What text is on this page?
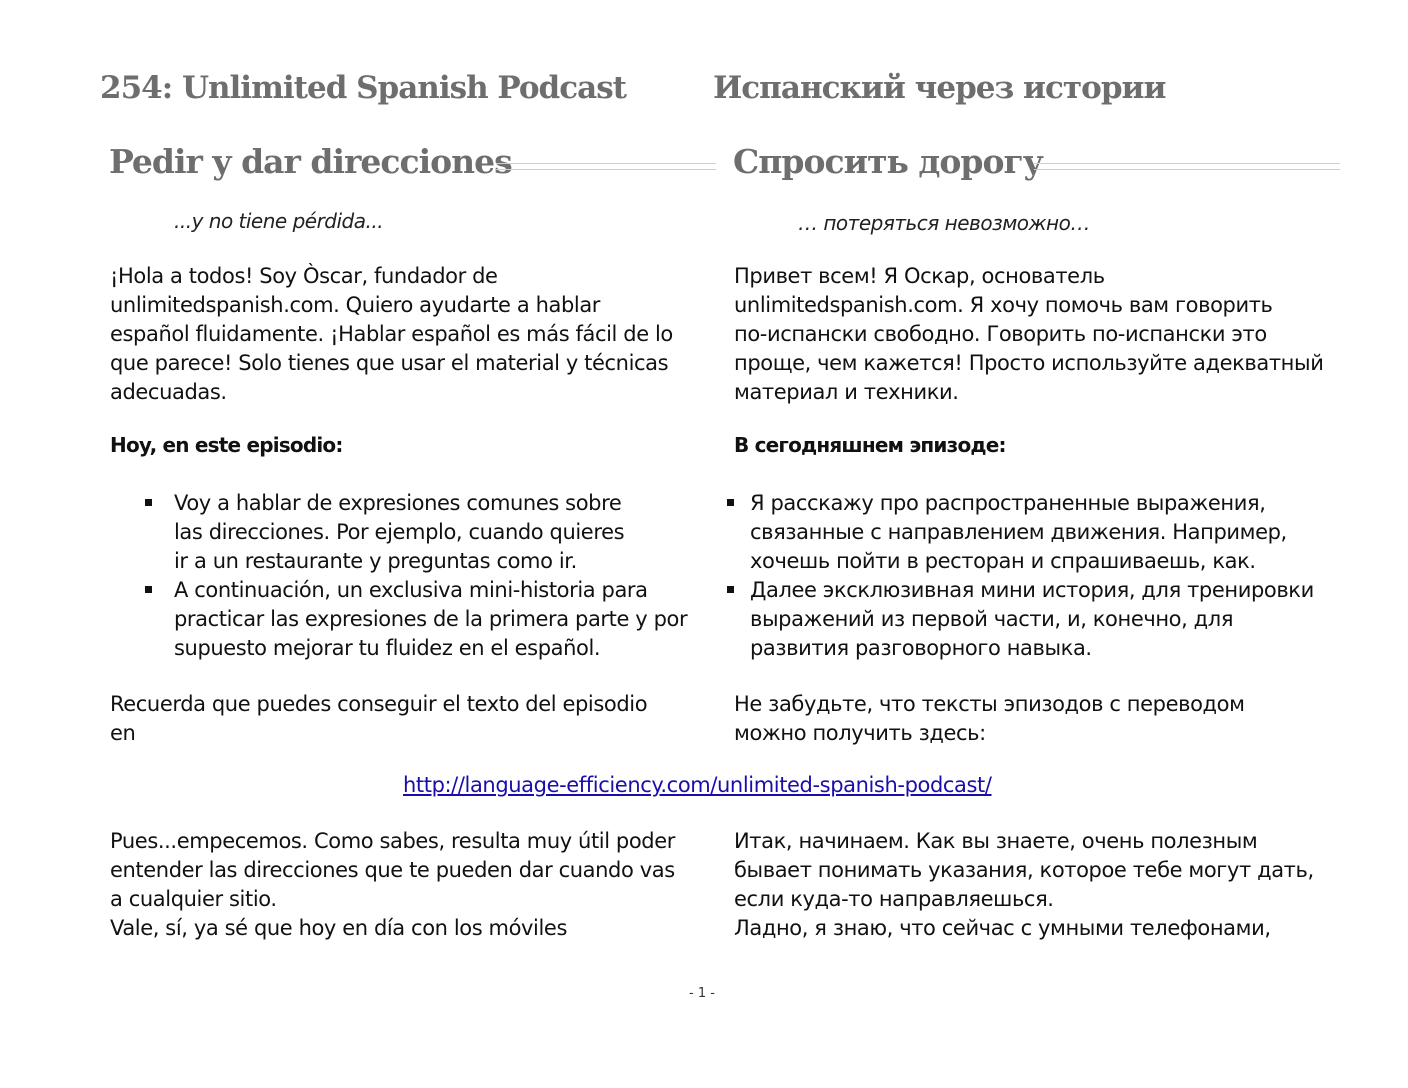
254: Unlimited Spanish Podcast	Испанский через истории
Pedir y dar direcciones	Спросить дорогу
...y no tiene pérdida...	… потеряться невозможно…
¡Hola a todos! Soy Òscar, fundador de
unlimitedspanish.com. Quiero ayudarte a hablar
español fluidamente. ¡Hablar español es más fácil de lo
que parece! Solo tienes que usar el material y técnicas
adecuadas.
Привет всем! Я Оскар, основатель
unlimitedspanish.com. Я хочу помочь вам говорить
по-испански свободно. Говорить по-испански это
проще, чем кажется! Просто используйте адекватный
материал и техники.
Hoy, en este episodio:	В сегодняшнем эпизоде:
Voy a hablar de expresiones comunes sobre
las direcciones. Por ejemplo, cuando quieres
ir a un restaurante y preguntas como ir.
A continuación, un exclusiva mini-historia para
practicar las expresiones de la primera parte y por
supuesto mejorar tu fluidez en el español.
Я расскажу про распространенные выражения,
связанные с направлением движения. Например,
хочешь пойти в ресторан и спрашиваешь, как.
Далее эксклюзивная мини история, для тренировки
выражений из первой части, и, конечно, для
развития разговорного навыка.
Recuerda que puedes conseguir el texto del episodio
en
Не забудьте, что тексты эпизодов с переводом
можно получить здесь:
http://language-efficiency.com/unlimited-spanish-podcast/
Pues...empecemos. Como sabes, resulta muy útil poder
entender las direcciones que te pueden dar cuando vas
a cualquier sitio.
Vale, sí, ya sé que hoy en día con los móviles
Итак, начинаем. Как вы знаете, очень полезным
бывает понимать указания, которое тебе могут дать,
если куда-то направляешься.
Ладно, я знаю, что сейчас с умными телефонами,
- 1 -
